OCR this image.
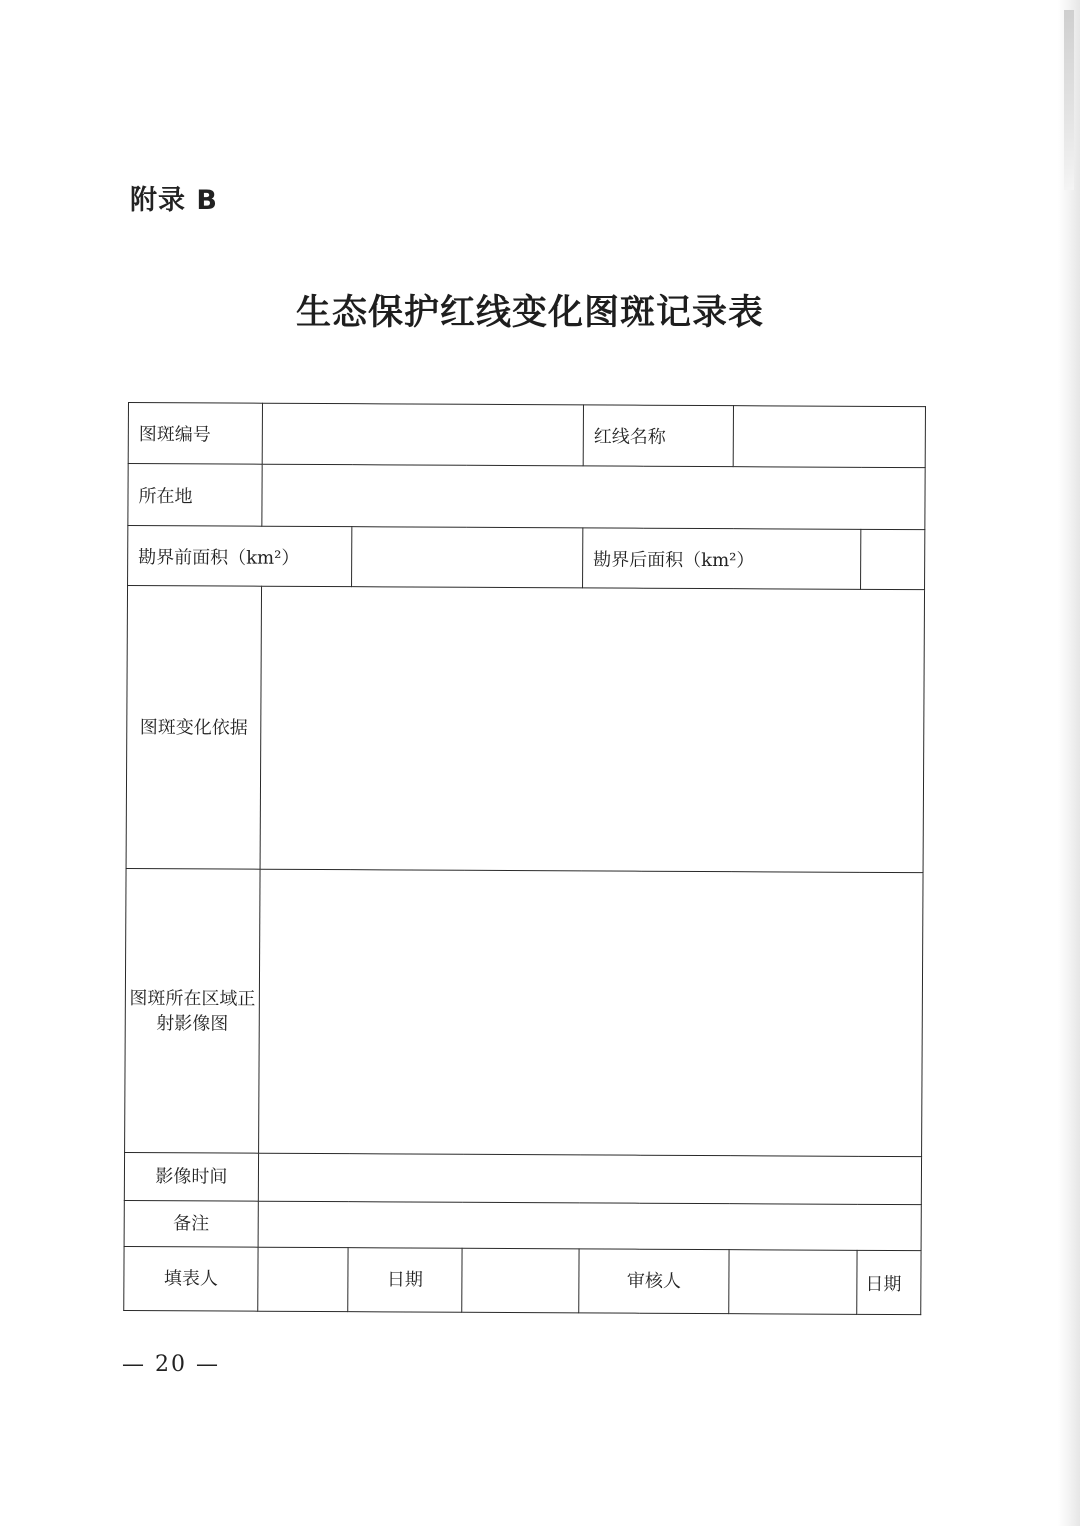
附录 B
生态保护红线变化图斑记录表
图斑编号				红线名称		
所在地						
勘界前面积（km²）				勘界后面积（km²）		
图斑变化依据						
图斑所在区域正射影像图						
影像时间						
备注						
填表人		日期		审核人		日期
— 20 —
